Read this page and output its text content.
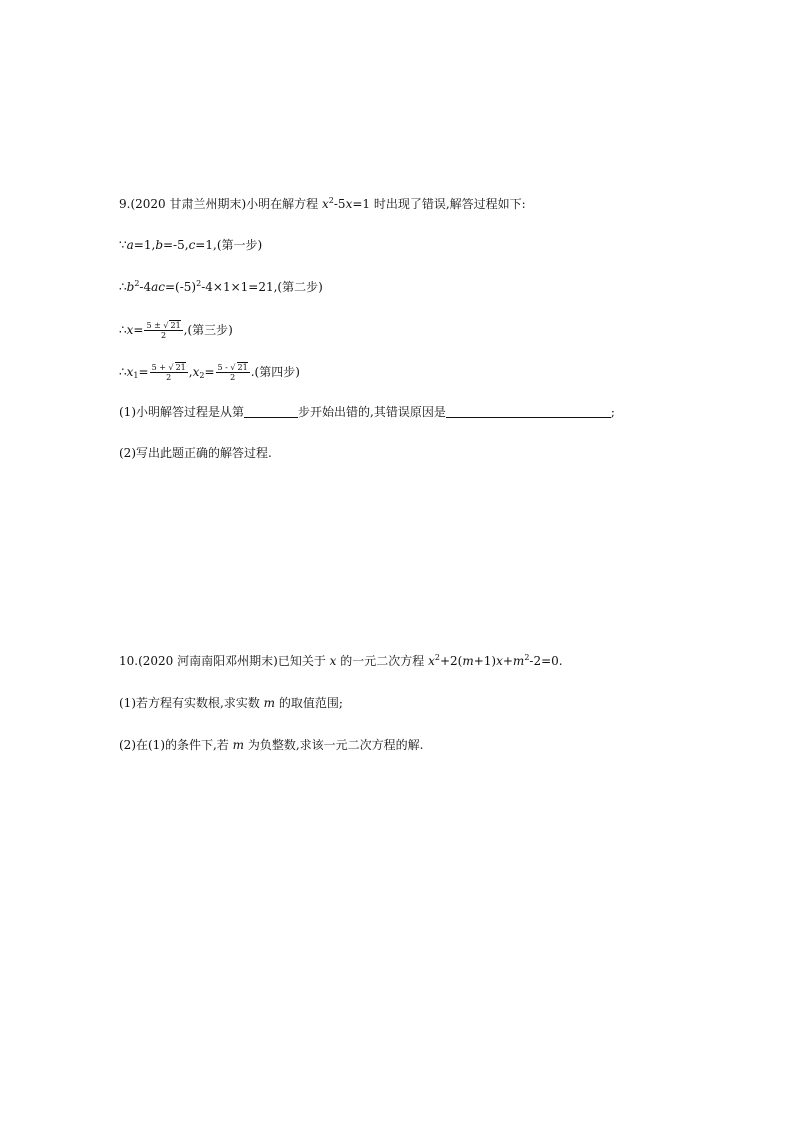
9.(2020 甘肃兰州期末)小明在解方程 $x^2-5x=1$ 时出现了错误,解答过程如下:
∵a=1,b=-5,c=1,(第一步)
$\therefore b^2-4ac=(-5)^2-4\times 1\times 1=21$,(第二步)
∴x= $\frac{5 \pm √ 21}{2}$ ,(第三步)
$\therefore x_1= \frac{5 + √ 21}{2} ,x_2= \frac{5 - √ 21}{2}$ .(第四步)
(1)小明解答过程是从第	步开始出错的,其错误原因是	;
(2)写出此题正确的解答过程.
10.(2020 河南南阳邓州期末)已知关于 x 的一元二次方程 $x^2+2(m+1)x+m^2-2=0$.
(1)若方程有实数根,求实数 m 的取值范围;
(2)在(1)的条件下,若 m 为负整数,求该一元二次方程的解.
